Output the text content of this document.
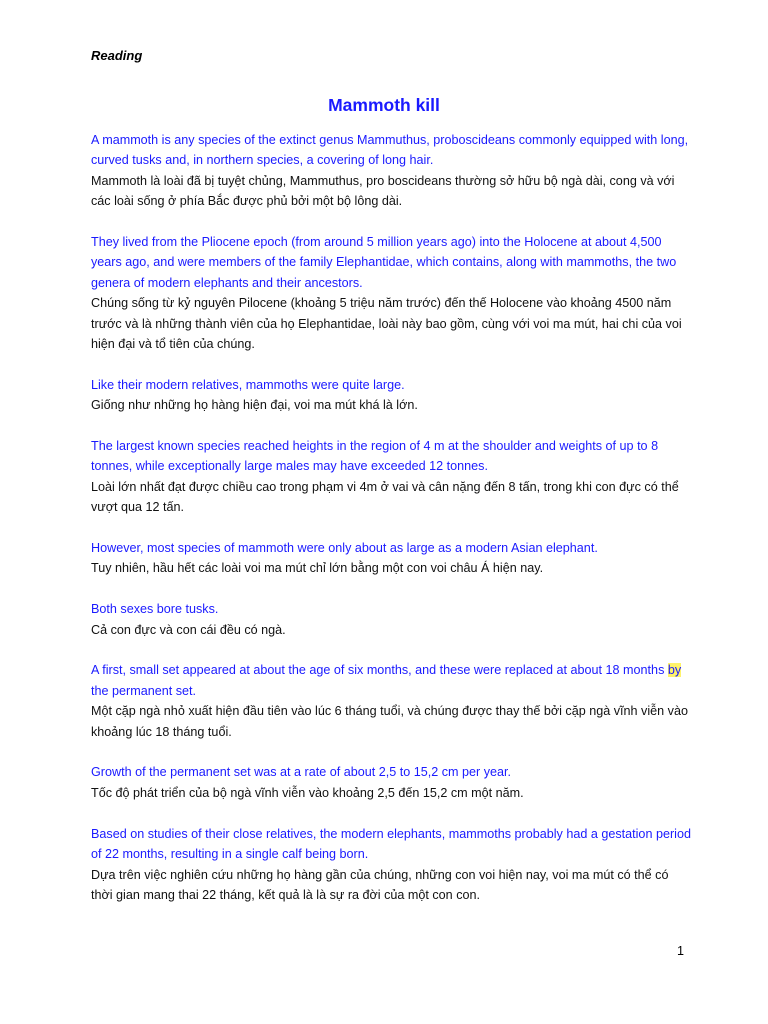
Reading
Mammoth kill

A mammoth is any species of the extinct genus Mammuthus, proboscideans commonly equipped with long, curved tusks and, in northern species, a covering of long hair.

Mammoth là loài đã bị tuyệt chủng, Mammuthus, pro boscideans thường sở hữu bộ ngà dài, cong và với các loài sống ở phía Bắc được phủ bởi một bộ lông dài.

They lived from the Pliocene epoch (from around 5 million years ago) into the Holocene at about 4,500 years ago, and were members of the family Elephantidae, which contains, along with mammoths, the two genera of modern elephants and their ancestors.

Chúng sống từ kỷ nguyên Pilocene (khoảng 5 triệu năm trước) đến thế Holocene vào khoảng 4500 năm trước và là những thành viên của họ Elephantidae, loài này bao gồm, cùng với voi ma mút, hai chi của voi hiện đại và tổ tiên của chúng.

Like their modern relatives, mammoths were quite large.

Giống như những họ hàng hiện đại, voi ma mút khá là lớn.

The largest known species reached heights in the region of 4 m at the shoulder and weights of up to 8 tonnes, while exceptionally large males may have exceeded 12 tonnes.

Loài lớn nhất đạt được chiều cao trong phạm vi 4m ở vai và cân nặng đến 8 tấn, trong khi con đực có thể vượt qua 12 tấn.

However, most species of mammoth were only about as large as a modern Asian elephant.

Tuy nhiên, hầu hết các loài voi ma mút chỉ lớn bằng một con voi châu Á hiện nay.

Both sexes bore tusks.

Cả con đực và con cái đều có ngà.

A first, small set appeared at about the age of six months, and these were replaced at about 18 months by the permanent set.

Một cặp ngà nhỏ xuất hiện đầu tiên vào lúc 6 tháng tuổi, và chúng được thay thế bởi cặp ngà vĩnh viễn vào khoảng lúc 18 tháng tuổi.

Growth of the permanent set was at a rate of about 2,5 to 15,2 cm per year.

Tốc độ phát triển của bộ ngà vĩnh viễn vào khoảng 2,5 đến 15,2 cm một năm.

Based on studies of their close relatives, the modern elephants, mammoths probably had a gestation period of 22 months, resulting in a single calf being born.

Dựa trên việc nghiên cứu những họ hàng gần của chúng, những con voi hiện nay, voi ma mút có thể có thời gian mang thai 22 tháng, kết quả là là sự ra đời của một con con.

1
